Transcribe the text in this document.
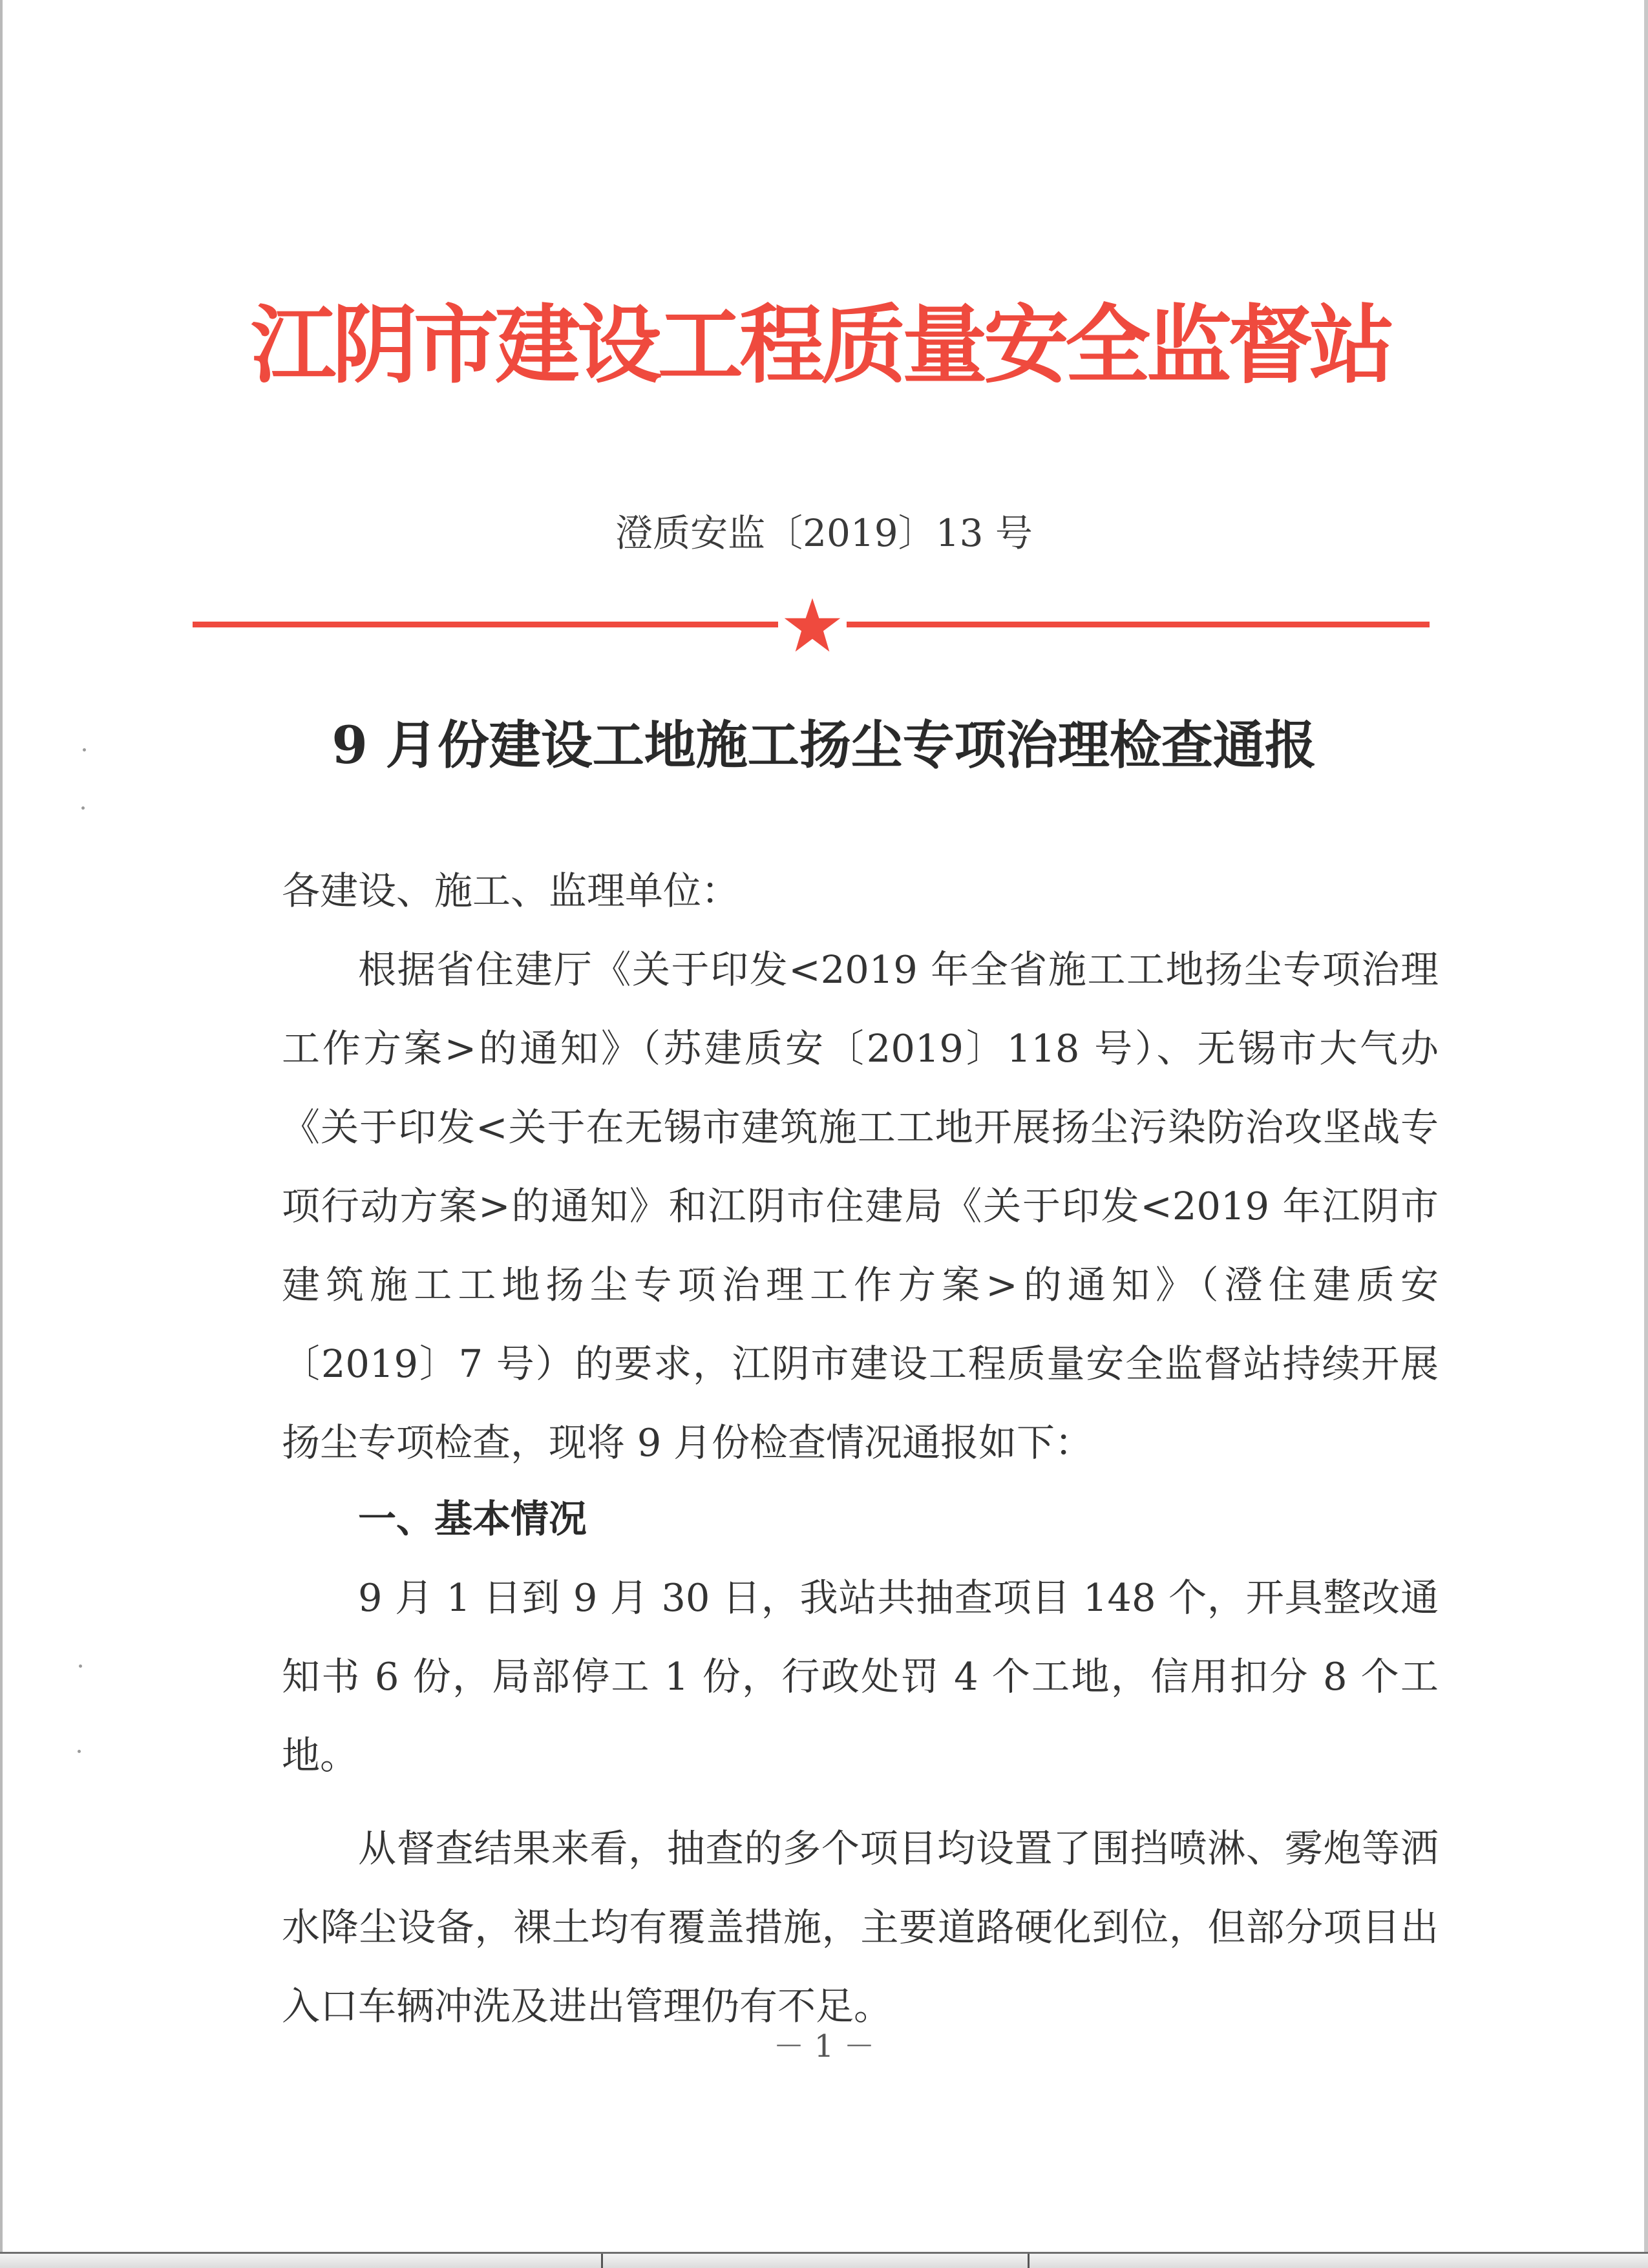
江阴市建设工程质量安全监督站
澄质安监〔2019〕13 号
9 月份建设工地施工扬尘专项治理检查通报
各建设、施工、监理单位：

根据省住建厅《关于印发<2019 年全省施工工地扬尘专项治理工作方案>的通知》（苏建质安〔2019〕118 号）、无锡市大气办《关于印发<关于在无锡市建筑施工工地开展扬尘污染防治攻坚战专项行动方案>的通知》和江阴市住建局《关于印发<2019 年江阴市建筑施工工地扬尘专项治理工作方案>的通知》（澄住建质安〔2019〕7 号）的要求，江阴市建设工程质量安全监督站持续开展扬尘专项检查，现将 9 月份检查情况通报如下：

一、基本情况

9 月 1 日到 9 月 30 日，我站共抽查项目 148 个，开具整改通知书 6 份，局部停工 1 份，行政处罚 4 个工地，信用扣分 8 个工地。

从督查结果来看，抽查的多个项目均设置了围挡喷淋、雾炮等洒水降尘设备，裸土均有覆盖措施，主要道路硬化到位，但部分项目出入口车辆冲洗及进出管理仍有不足。

－ 1 －
